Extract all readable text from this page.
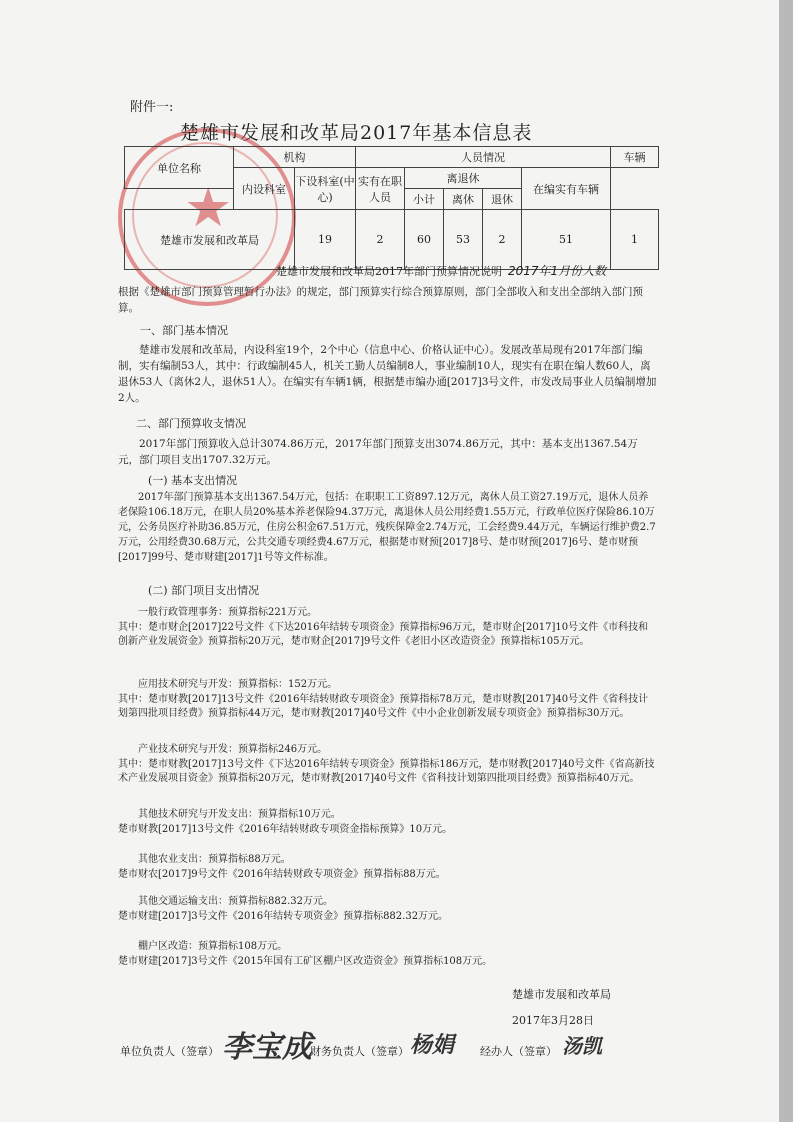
★
附件一:
楚雄市发展和改革局2017年基本信息表
单位名称	机构		人员情况					车辆
	内设科室	下设科室(中心)	实有在职人员	离退休			在编实有车辆	
				小计	离休	退休		
楚雄市发展和改革局		19	2	60	53	2	51	1
楚雄市发展和改革局2017年部门预算情况说明 2017年1月份人数
根据《楚雄市部门预算管理暂行办法》的规定，部门预算实行综合预算原则，部门全部收入和支出全部纳入部门预算。
一、部门基本情况
楚雄市发展和改革局，内设科室19个，2个中心（信息中心、价格认证中心）。发展改革局现有2017年部门编制，实有编制53人，其中：行政编制45人，机关工勤人员编制8人，事业编制10人，现实有在职在编人数60人，离退休53人（离休2人，退休51人）。在编实有车辆1辆，根据楚市编办通[2017]3号文件，市发改局事业人员编制增加2人。
二、部门预算收支情况
2017年部门预算收入总计3074.86万元，2017年部门预算支出3074.86万元，其中：基本支出1367.54万元，部门项目支出1707.32万元。
(一) 基本支出情况
2017年部门预算基本支出1367.54万元，包括：在职职工工资897.12万元，离休人员工资27.19万元，退休人员养老保险106.18万元，在职人员20%基本养老保险94.37万元，离退休人员公用经费1.55万元，行政单位医疗保险86.10万元，公务员医疗补助36.85万元，住房公积金67.51万元，残疾保障金2.74万元，工会经费9.44万元，车辆运行维护费2.7万元，公用经费30.68万元，公共交通专项经费4.67万元，根据楚市财预[2017]8号、楚市财预[2017]6号、楚市财预[2017]99号、楚市财建[2017]1号等文件标准。
(二) 部门项目支出情况
一般行政管理事务：预算指标221万元。
其中：楚市财企[2017]22号文件《下达2016年结转专项资金》预算指标96万元，楚市财企[2017]10号文件《市科技和创新产业发展资金》预算指标20万元，楚市财企[2017]9号文件《老旧小区改造资金》预算指标105万元。
应用技术研究与开发：预算指标：152万元。
其中：楚市财教[2017]13号文件《2016年结转财政专项资金》预算指标78万元，楚市财教[2017]40号文件《省科技计划第四批项目经费》预算指标44万元，楚市财教[2017]40号文件《中小企业创新发展专项资金》预算指标30万元。
产业技术研究与开发：预算指标246万元。
其中：楚市财教[2017]13号文件《下达2016年结转专项资金》预算指标186万元，楚市财教[2017]40号文件《省高新技术产业发展项目资金》预算指标20万元，楚市财教[2017]40号文件《省科技计划第四批项目经费》预算指标40万元。
其他技术研究与开发支出：预算指标10万元。
楚市财教[2017]13号文件《2016年结转财政专项资金指标预算》10万元。
其他农业支出：预算指标88万元。
楚市财农[2017]9号文件《2016年结转财政专项资金》预算指标88万元。
其他交通运输支出：预算指标882.32万元。
楚市财建[2017]3号文件《2016年结转专项资金》预算指标882.32万元。
棚户区改造：预算指标108万元。
楚市财建[2017]3号文件《2015年国有工矿区棚户区改造资金》预算指标108万元。
楚雄市发展和改革局
2017年3月28日
单位负责人（签章） 李宝成
财务负责人（签章） 杨娟 经办人（签章） 汤凯
